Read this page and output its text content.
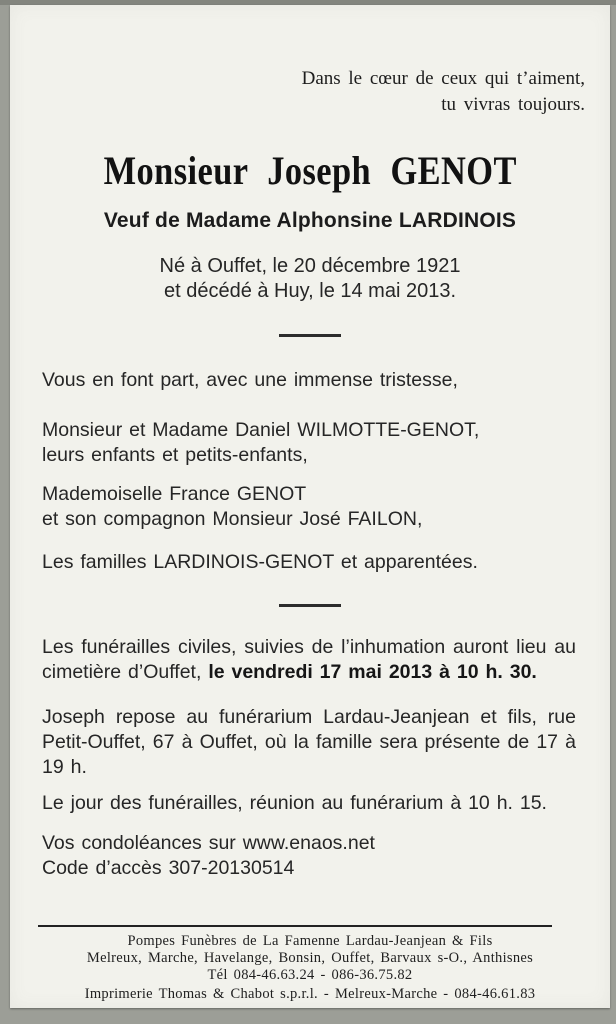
Dans le cœur de ceux qui t’aiment,
tu vivras toujours.
Monsieur Joseph GENOT
Veuf de Madame Alphonsine LARDINOIS
Né à Ouffet, le 20 décembre 1921
et décédé à Huy, le 14 mai 2013.
Vous en font part, avec une immense tristesse,
Monsieur et Madame Daniel WILMOTTE-GENOT,
leurs enfants et petits-enfants,
Mademoiselle France GENOT
et son compagnon Monsieur José FAILON,
Les familles LARDINOIS-GENOT et apparentées.
Les funérailles civiles, suivies de l’inhumation auront lieu au cimetière d’Ouffet, le vendredi 17 mai 2013 à 10 h. 30.
Joseph repose au funérarium Lardau-Jeanjean et fils, rue Petit-Ouffet, 67 à Ouffet, où la famille sera présente de 17 à 19 h.
Le jour des funérailles, réunion au funérarium à 10 h. 15.
Vos condoléances sur www.enaos.net
Code d’accès 307-20130514
Pompes Funèbres de La Famenne Lardau-Jeanjean & Fils
Melreux, Marche, Havelange, Bonsin, Ouffet, Barvaux s-O., Anthisnes
Tél 084-46.63.24 - 086-36.75.82
Imprimerie Thomas & Chabot s.p.r.l. - Melreux-Marche - 084-46.61.83
